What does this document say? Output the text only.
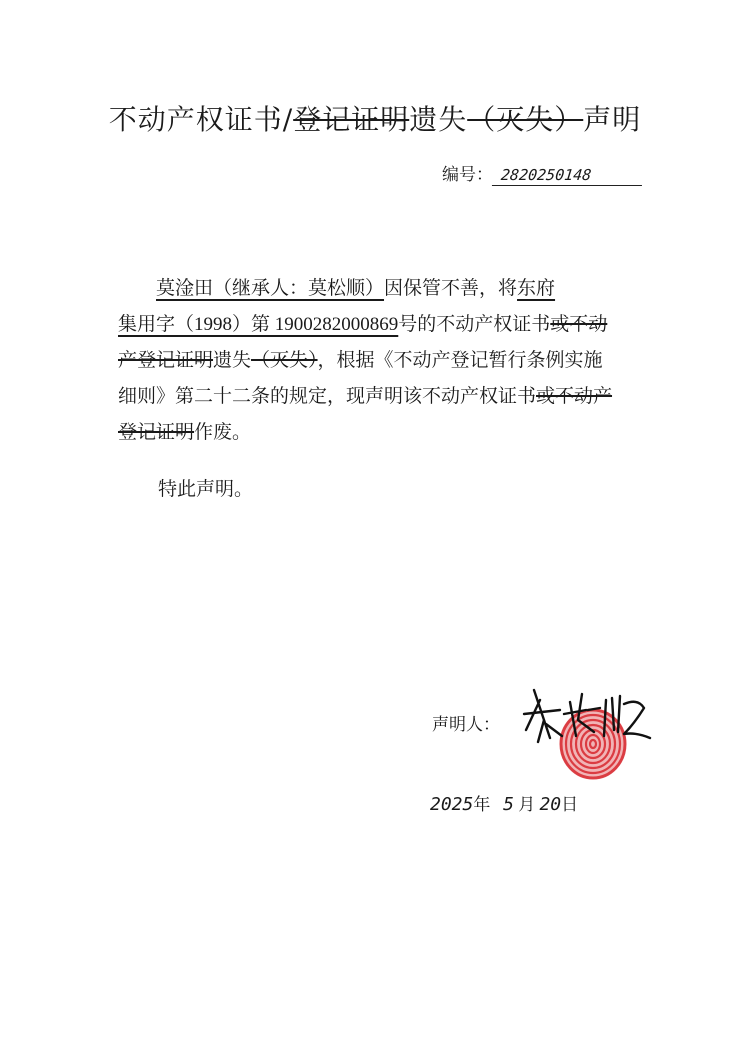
不动产权证书/登记证明遗失（灭失）声明
编号： 2820250148
莫淦田（继承人：莫松顺）因保管不善，将东府
集用字（1998）第 1900282000869号的不动产权证书或不动
产登记证明遗失（灭失），根据《不动产登记暂行条例实施
细则》第二十二条的规定，现声明该不动产权证书或不动产
登记证明作废。
特此声明。
声明人：
2025年 5 月 20日
